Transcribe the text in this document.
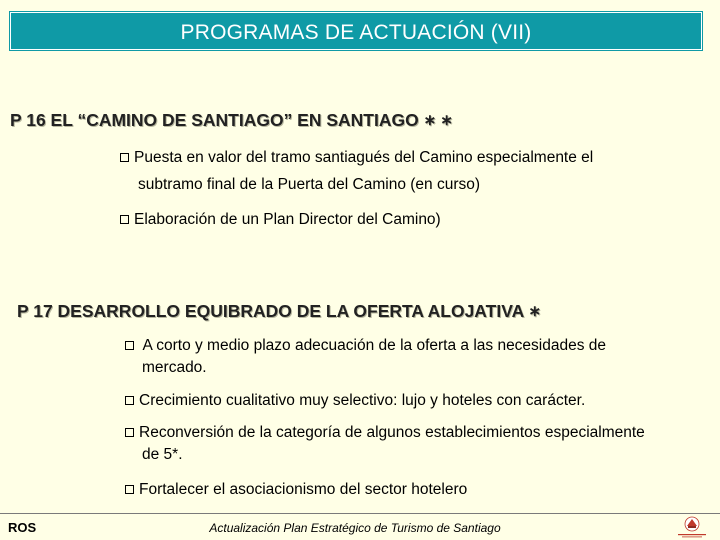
PROGRAMAS DE ACTUACIÓN (VII)
P 16 EL “CAMINO DE SANTIAGO” EN SANTIAGO ∗ ∗
Puesta en valor del tramo santiagués del Camino especialmente el
subtramo final de la Puerta del Camino (en curso)
Elaboración de un Plan Director del Camino)
P 17 DESARROLLO EQUIBRADO DE LA OFERTA ALOJATIVA ∗
A corto y medio plazo adecuación de la oferta a las necesidades de
mercado.
Crecimiento cualitativo muy selectivo: lujo y hoteles con carácter.
Reconversión de la categoría de algunos establecimientos especialmente
de 5*.
Fortalecer el asociacionismo del sector hotelero
ROS	Actualización Plan Estratégico de Turismo de Santiago
